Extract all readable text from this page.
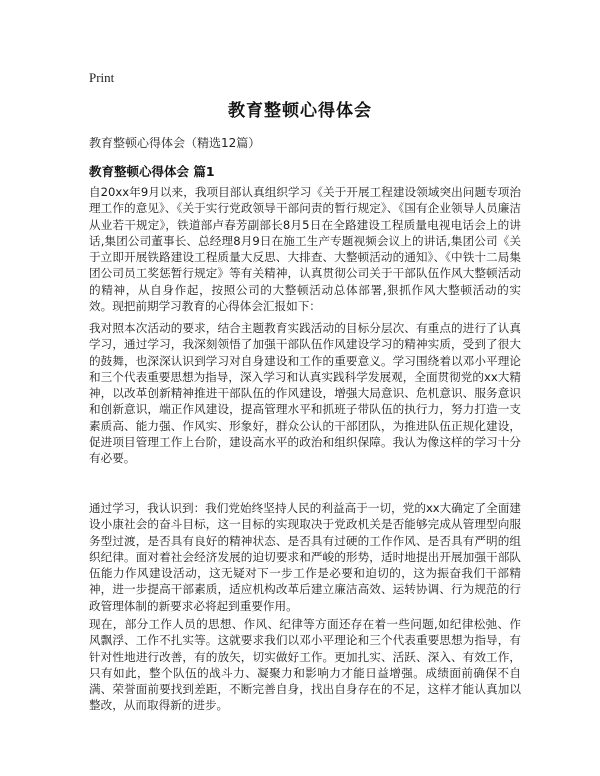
Print
教育整顿心得体会
教育整顿心得体会（精选12篇）
教育整顿心得体会 篇1

自20xx年9月以来，我项目部认真组织学习《关于开展工程建设领域突出问题专项治理工作的意见》、《关于实行党政领导干部问责的暂行规定》、《国有企业领导人员廉洁从业若干规定》，铁道部卢春芳副部长8月5日在全路建设工程质量电视电话会上的讲话,集团公司董事长、总经理8月9日在施工生产专题视频会议上的讲话,集团公司《关于立即开展铁路建设工程质量大反思、大排查、大整顿活动的通知》、《中铁十二局集团公司员工奖惩暂行规定》等有关精神，认真贯彻公司关于干部队伍作风大整顿活动的精神，从自身作起，按照公司的大整顿活动总体部署,狠抓作风大整顿活动的实效。现把前期学习教育的心得体会汇报如下：

我对照本次活动的要求，结合主题教育实践活动的目标分层次、有重点的进行了认真学习，通过学习，我深刻领悟了加强干部队伍作风建设学习的精神实质，受到了很大的鼓舞，也深深认识到学习对自身建设和工作的重要意义。学习围绕着以邓小平理论和三个代表重要思想为指导，深入学习和认真实践科学发展观，全面贯彻党的xx大精神，以改革创新精神推进干部队伍的作风建设，增强大局意识、危机意识、服务意识和创新意识，端正作风建设，提高管理水平和抓班子带队伍的执行力，努力打造一支素质高、能力强、作风实、形象好，群众公认的干部团队，为推进队伍正规化建设，促进项目管理工作上台阶，建设高水平的政治和组织保障。我认为像这样的学习十分有必要。

通过学习，我认识到：我们党始终坚持人民的利益高于一切，党的xx大确定了全面建设小康社会的奋斗目标，这一目标的实现取决于党政机关是否能够完成从管理型向服务型过渡，是否具有良好的精神状态、是否具有过硬的工作作风、是否具有严明的组织纪律。面对着社会经济发展的迫切要求和严峻的形势，适时地提出开展加强干部队伍能力作风建设活动，这无疑对下一步工作是必要和迫切的，这为振奋我们干部精神，进一步提高干部素质，适应机构改革后建立廉洁高效、运转协调、行为规范的行政管理体制的新要求必将起到重要作用。

现在，部分工作人员的思想、作风、纪律等方面还存在着一些问题,如纪律松弛、作风飘浮、工作不扎实等。这就要求我们以邓小平理论和三个代表重要思想为指导，有针对性地进行改善，有的放矢，切实做好工作。更加扎实、活跃、深入、有效工作，只有如此，整个队伍的战斗力、凝聚力和影响力才能日益增强。成绩面前确保不自满、荣誉面前要找到差距，不断完善自身，找出自身存在的不足，这样才能认真加以整改，从而取得新的进步。
